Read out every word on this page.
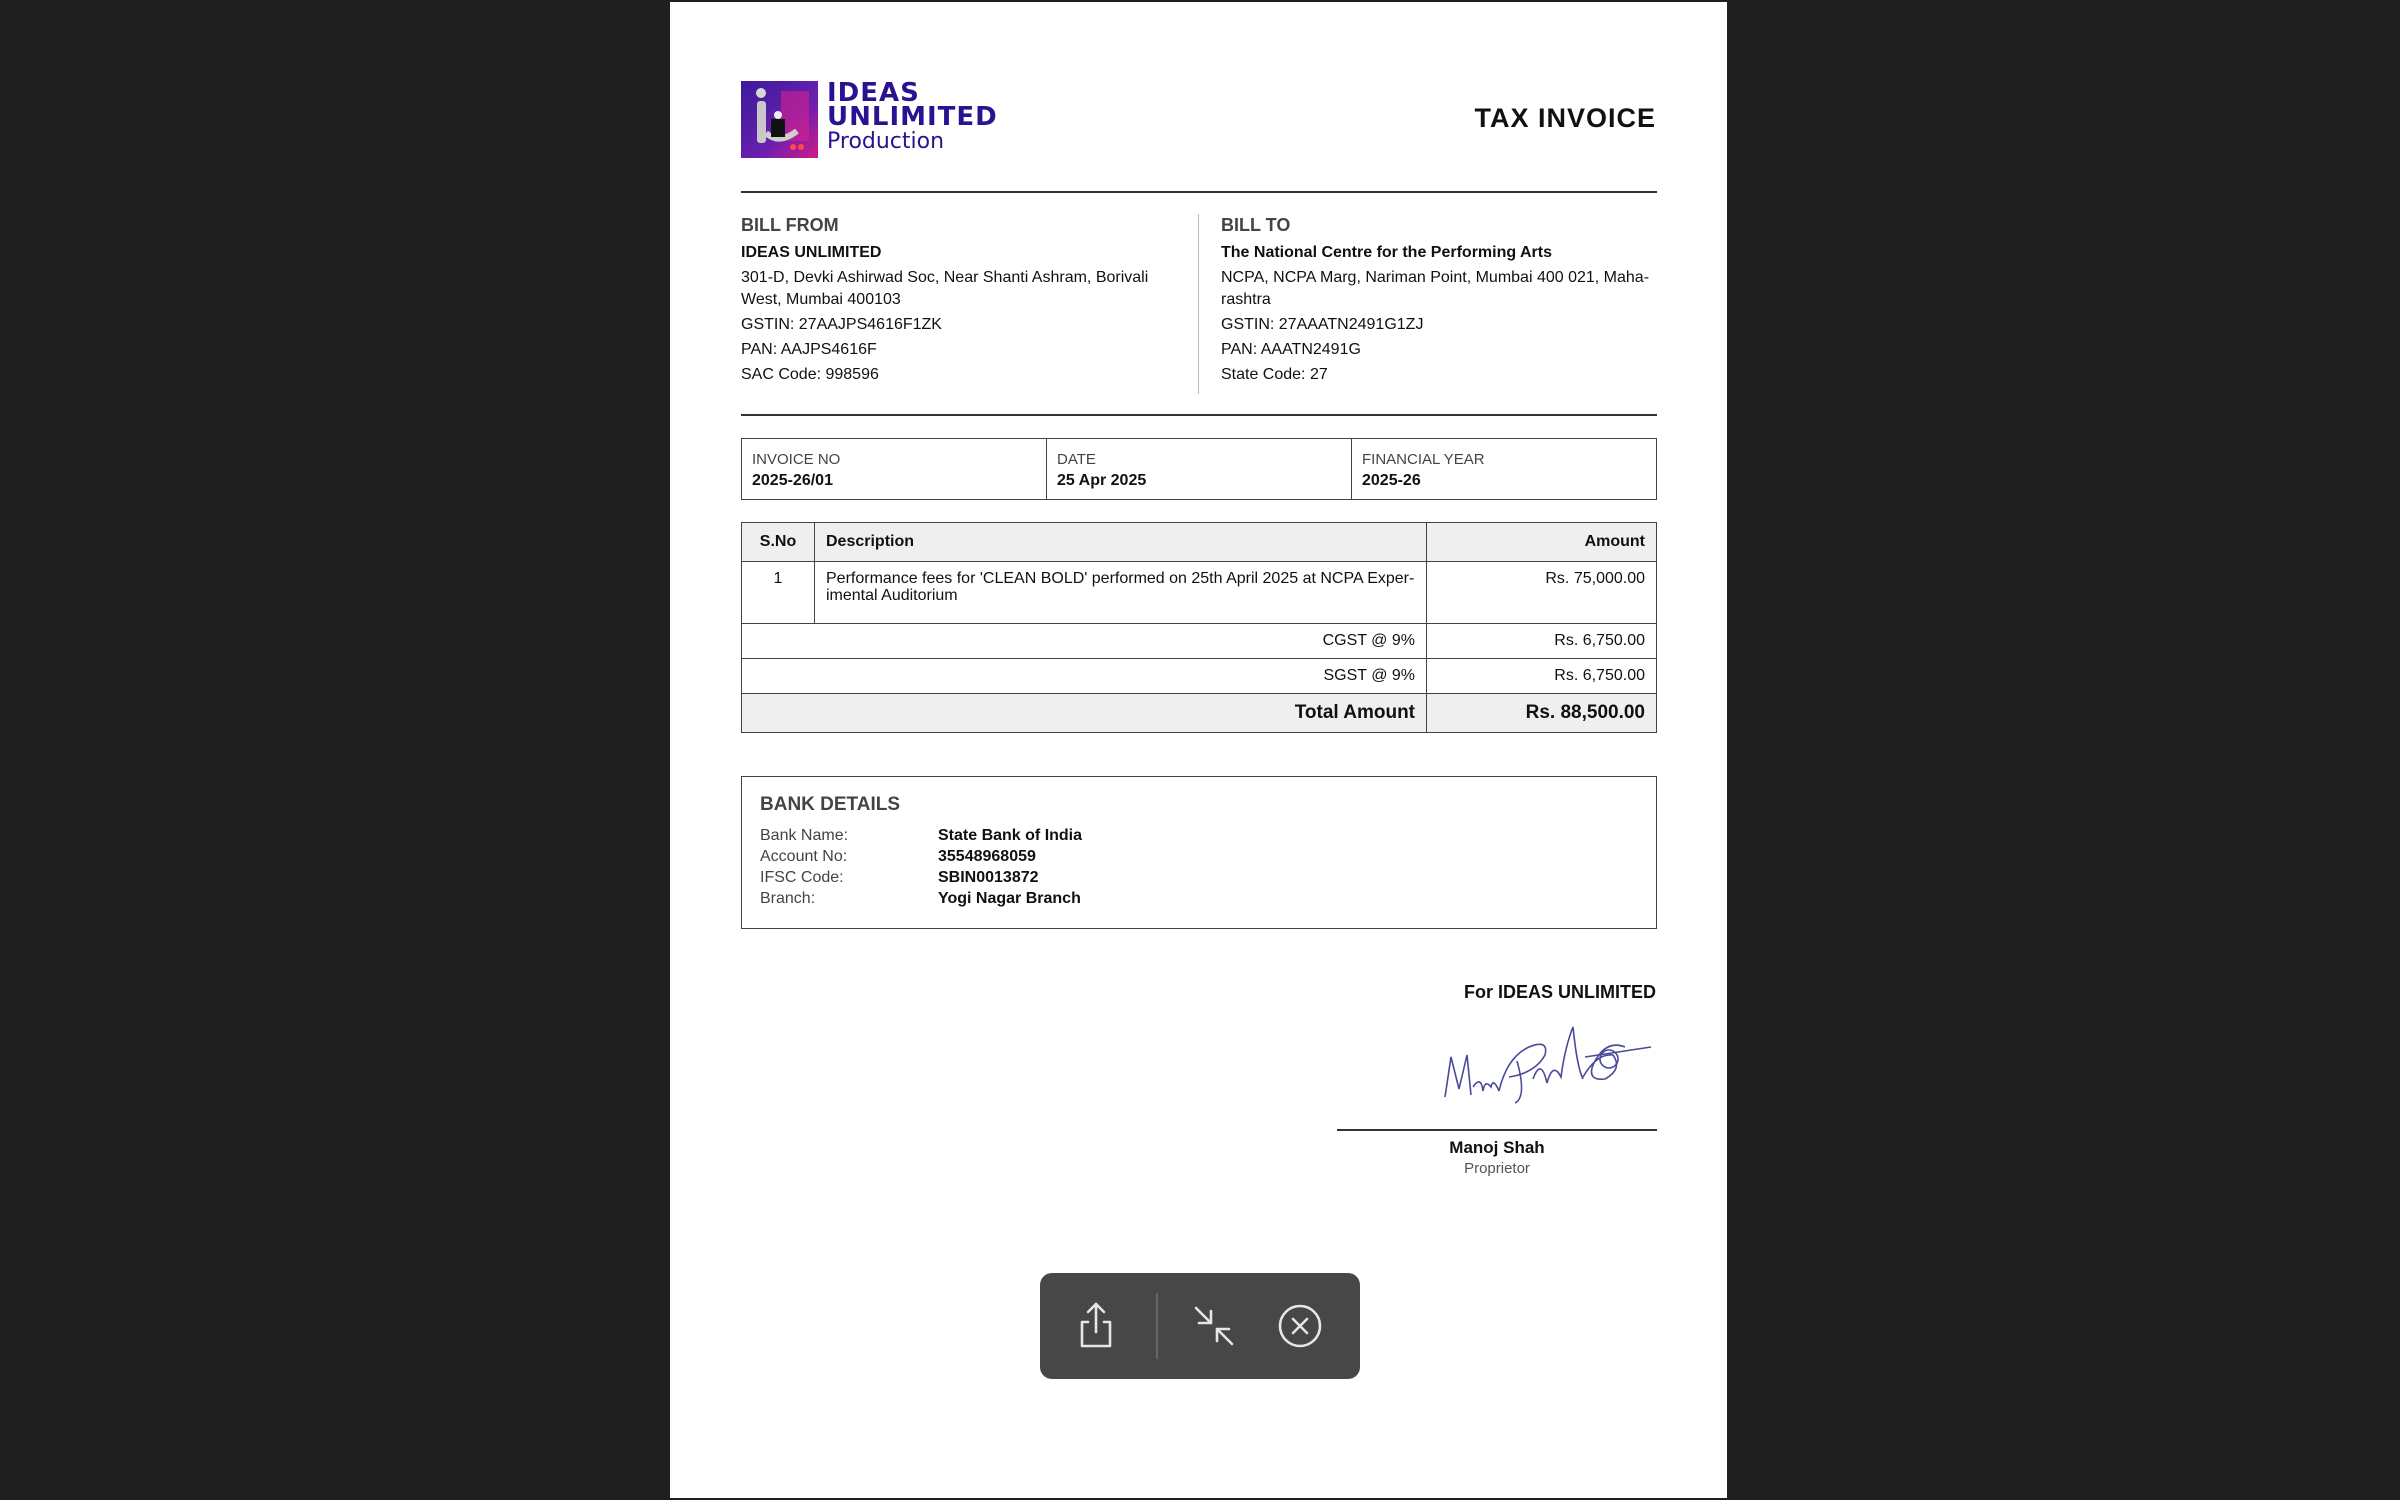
IDEAS
UNLIMITED
Production
TAX INVOICE
BILL FROM
IDEAS UNLIMITED
301-D, Devki Ashirwad Soc, Near Shanti Ashram, Borivali West, Mumbai 400103
GSTIN: 27AAJPS4616F1ZK
PAN: AAJPS4616F
SAC Code: 998596
BILL TO
The National Centre for the Performing Arts
NCPA, NCPA Marg, Nariman Point, Mumbai 400 021, Maha-rashtra
GSTIN: 27AAATN2491G1ZJ
PAN: AAATN2491G
State Code: 27
INVOICE NO
2025-26/01
DATE
25 Apr 2025
FINANCIAL YEAR
2025-26
S.No	Description	Amount
1	Performance fees for 'CLEAN BOLD' performed on 25th April 2025 at NCPA Exper-imental Auditorium	Rs. 75,000.00
CGST @ 9%		Rs. 6,750.00
SGST @ 9%		Rs. 6,750.00
Total Amount		Rs. 88,500.00
BANK DETAILS
Bank Name:	State Bank of India
Account No:	35548968059
IFSC Code:	SBIN0013872
Branch:	Yogi Nagar Branch
For IDEAS UNLIMITED
Manoj Shah
Proprietor
